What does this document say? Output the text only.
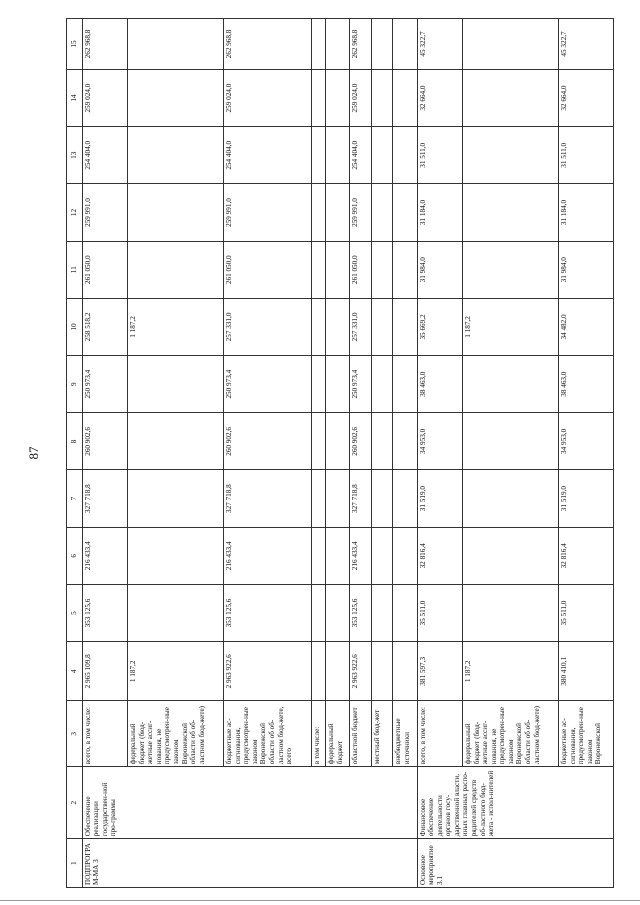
87
1	2	3	4	5	6	7	8	9	10	11	12	13	14	15
ПОДПРОГРАМ-МА 3	Обеспечение реализации государствен-ной про-граммы	всего, в том числе:	2 965 109,8	353 125,6	216 433,4	327 718,8	260 902,6	250 973,4	258 518,2	261 050,0	259 991,0	254 404,0	259 024,0	262 968,8
		федеральный бюджет (бюд-жетные ассиг-нования, не предусмотрен-ные законом Воронежской области об об-ластном бюд-жете)	1 187,2						1 187,2					
		бюджетные ас-сигнования, предусмотрен-ные законом Воронежской области об об-ластном бюд-жете, всего	2 963 922,6	353 125,6	216 433,4	327 718,8	260 902,6	250 973,4	257 331,0	261 050,0	259 991,0	254 404,0	259 024,0	262 968,8
		в том числе:												
		федеральный бюджет												
		областной бюджет	2 963 922,6	353 125,6	216 433,4	327 718,8	260 902,6	250 973,4	257 331,0	261 050,0	259 991,0	254 404,0	259 024,0	262 968,8
		местный бюд-жет												
		внебюджетные источники												
Основное мероприятие 3.1	Финансовое обеспечение деятельности органов госу-дарственной власти, иных главных распо-рядителей средств об-ластного бюд-жета - испол-нителей	всего, в том числе:	381 597,3	35 511,0	32 816,4	31 519,0	34 953,0	38 463,0	35 669,2	31 984,0	31 184,0	31 511,0	32 664,0	45 322,7
		федеральный бюджет (бюд-жетные ассиг-нования, не предусмотрен-ные законом Воронежской области об об-ластном бюд-жете)	1 187,2						1 187,2					
		бюджетные ас-сигнования, предусмотрен-ные законом Воронежской	380 410,1	35 511,0	32 816,4	31 519,0	34 953,0	38 463,0	34 482,0	31 984,0	31 184,0	31 511,0	32 664,0	45 322,7
